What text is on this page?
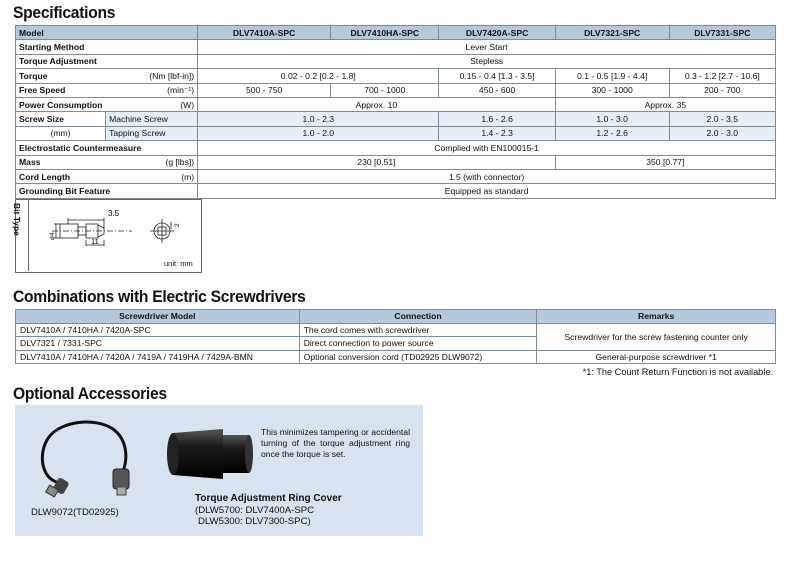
Specifications
Model		DLV7410A-SPC	DLV7410HA-SPC	DLV7420A-SPC	DLV7321-SPC	DLV7331-SPC
Starting Method		Lever Start				
Torque Adjustment		Stepless				
Torque	(Nm [lbf-in])	0.02 - 0.2 [0.2 - 1.8]		0.15 - 0.4 [1.3 - 3.5]	0.1 - 0.5 [1.9 - 4.4]	0.3 - 1.2 [2.7 - 10.6]
Free Speed	(min⁻¹)	500 - 750	700 - 1000	450 - 600	300 - 1000	200 - 700
Power Consumption	(W)	Approx. 10			Approx. 35	
Screw Size	Machine Screw	1.0 - 2.3		1.6 - 2.6	1.0 - 3.0	2.0 - 3.5
(mm)	Tapping Screw	1.0 - 2.0		1.4 - 2.3	1.2 - 2.6	2.0 - 3.0
Electrostatic Countermeasure		Complied with EN100015-1				
Mass	(g [lbs])	230 [0.51]			350 [0.77]	
Cord Length	(m)	1.5 (with connector)				
Grounding Bit Feature		Equipped as standard				
Bit Type	3.5
11
ø4
2
unit: mm
Combinations with Electric Screwdrivers
Screwdriver Model	Connection	Remarks
DLV7410A / 7410HA / 7420A-SPC	The cord comes with screwdriver	Screwdriver for the screw fastening counter only
DLV7321 / 7331-SPC	Direct connection to power source	
DLV7410A / 7410HA / 7420A / 7419A / 7419HA / 7429A-BMN	Optional conversion cord (TD02925 DLW9072)	General-purpose screwdriver *1
*1: The Count Return Function is not available.
Optional Accessories
DLW9072(TD02925)
This minimizes tampering or accidental turning of the torque adjustment ring once the torque is set.
Torque Adjustment Ring Cover
(DLW5700: DLV7400A-SPC
DLW5300: DLV7300-SPC)
